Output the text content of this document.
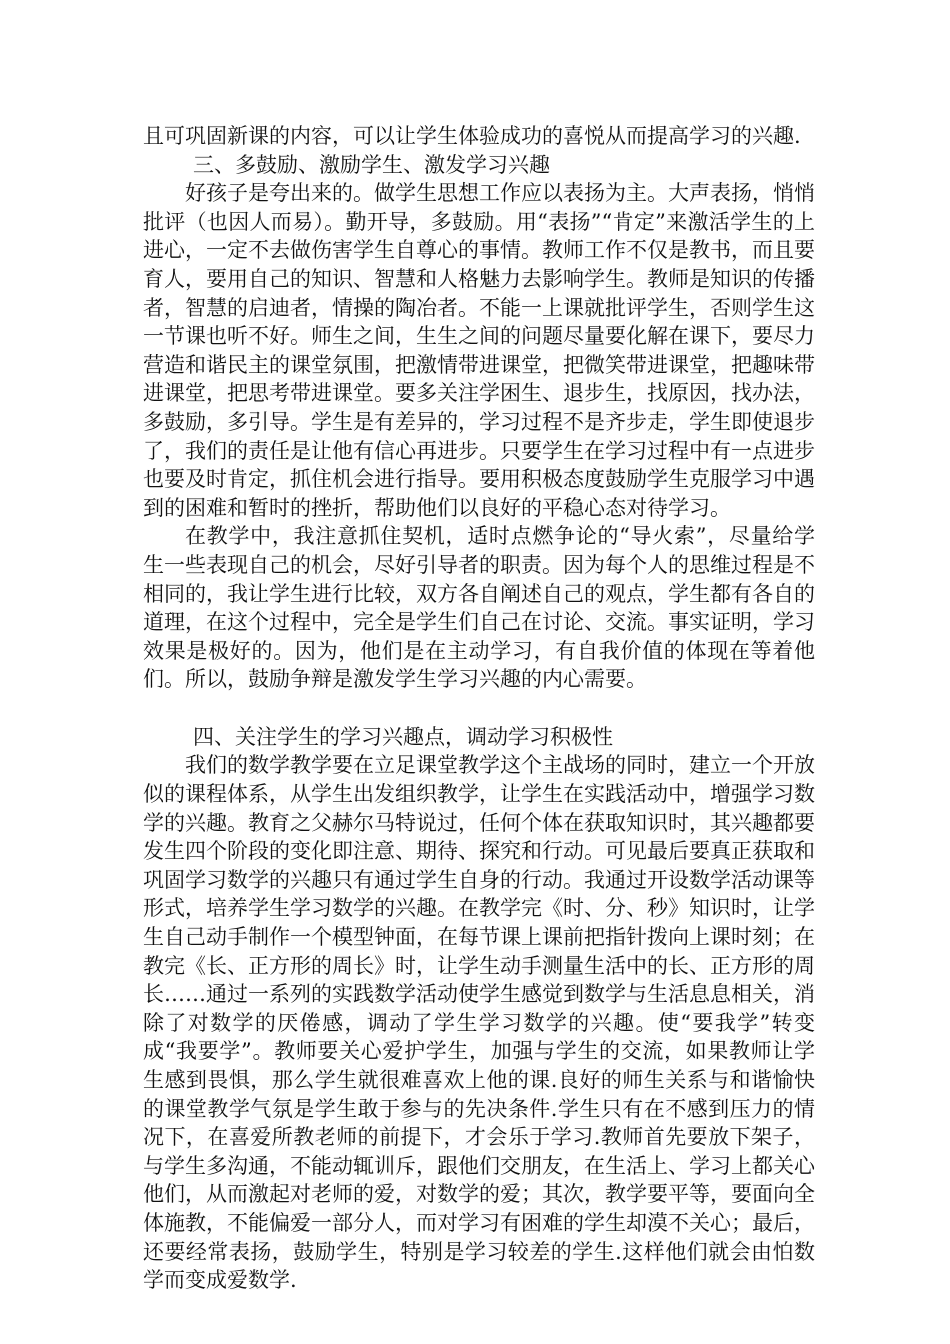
且可巩固新课的内容，可以让学生体验成功的喜悦从而提高学习的兴趣.

三、多鼓励、激励学生、激发学习兴趣

好孩子是夸出来的。做学生思想工作应以表扬为主。大声表扬，悄悄批评（也因人而易）。勤开导，多鼓励。用“表扬”“肯定”来激活学生的上进心，一定不去做伤害学生自尊心的事情。教师工作不仅是教书，而且要育人，要用自己的知识、智慧和人格魅力去影响学生。教师是知识的传播者，智慧的启迪者，情操的陶冶者。不能一上课就批评学生，否则学生这一节课也听不好。师生之间，生生之间的问题尽量要化解在课下，要尽力营造和谐民主的课堂氛围，把激情带进课堂，把微笑带进课堂，把趣味带进课堂，把思考带进课堂。要多关注学困生、退步生，找原因，找办法，多鼓励，多引导。学生是有差异的，学习过程不是齐步走，学生即使退步了，我们的责任是让他有信心再进步。只要学生在学习过程中有一点进步也要及时肯定，抓住机会进行指导。要用积极态度鼓励学生克服学习中遇到的困难和暂时的挫折，帮助他们以良好的平稳心态对待学习。

在教学中，我注意抓住契机，适时点燃争论的“导火索”，尽量给学生一些表现自己的机会，尽好引导者的职责。因为每个人的思维过程是不相同的，我让学生进行比较，双方各自阐述自己的观点，学生都有各自的道理，在这个过程中，完全是学生们自己在讨论、交流。事实证明，学习效果是极好的。因为，他们是在主动学习，有自我价值的体现在等着他们。所以，鼓励争辩是激发学生学习兴趣的内心需要。

四、关注学生的学习兴趣点，调动学习积极性

我们的数学教学要在立足课堂教学这个主战场的同时，建立一个开放似的课程体系，从学生出发组织教学，让学生在实践活动中，增强学习数学的兴趣。教育之父赫尔马特说过，任何个体在获取知识时，其兴趣都要发生四个阶段的变化即注意、期待、探究和行动。可见最后要真正获取和巩固学习数学的兴趣只有通过学生自身的行动。我通过开设数学活动课等形式，培养学生学习数学的兴趣。在教学完《时、分、秒》知识时，让学生自己动手制作一个模型钟面，在每节课上课前把指针拨向上课时刻；在教完《长、正方形的周长》时，让学生动手测量生活中的长、正方形的周长……通过一系列的实践数学活动使学生感觉到数学与生活息息相关，消除了对数学的厌倦感，调动了学生学习数学的兴趣。使“要我学”转变成“我要学”。教师要关心爱护学生，加强与学生的交流，如果教师让学生感到畏惧，那么学生就很难喜欢上他的课.良好的师生关系与和谐愉快的课堂教学气氛是学生敢于参与的先决条件.学生只有在不感到压力的情况下，在喜爱所教老师的前提下，才会乐于学习.教师首先要放下架子，与学生多沟通，不能动辄训斥，跟他们交朋友，在生活上、学习上都关心他们，从而激起对老师的爱，对数学的爱；其次，教学要平等，要面向全体施教，不能偏爱一部分人，而对学习有困难的学生却漠不关心；最后，还要经常表扬，鼓励学生，特别是学习较差的学生.这样他们就会由怕数学而变成爱数学.
